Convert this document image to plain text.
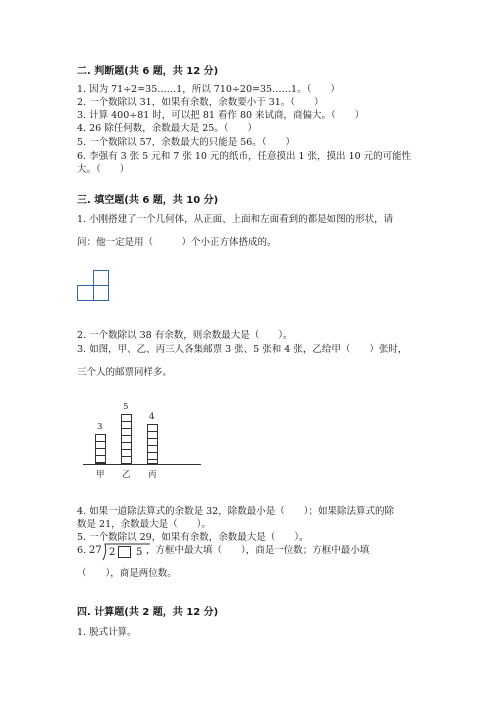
二. 判断题(共 6 题，共 12 分)
1. 因为 71÷2=35……1，所以 710÷20=35……1。（　　）
2. 一个数除以 31，如果有余数，余数要小于 31。（　　）
3. 计算 400÷81 时，可以把 81 看作 80 来试商，商偏大。（　　）
4. 26 除任何数，余数最大是 25。（　　）
5. 一个数除以 57，余数最大的只能是 56。（　　）
6. 李强有 3 张 5 元和 7 张 10 元的纸币，任意摸出 1 张，摸出 10 元的可能性
大。（　　）
三. 填空题(共 6 题，共 10 分)
1. 小刚搭建了一个几何体，从正面、上面和左面看到的都是如图的形状，请
问：他一定是用（　　　）个小正方体搭成的。
2. 一个数除以 38 有余数，则余数最大是（　　）。
3. 如图，甲、乙、丙三人各集邮票 3 张、5 张和 4 张，乙给甲（　　）张时，
三个人的邮票同样多。
3
甲
5
乙
4
丙
4. 如果一道除法算式的余数是 32，除数最小是（　　）；如果除法算式的除
数是 21，余数最大是（　　）。
5. 一个数除以 29，如果有余数，余数最大是（　　）。
6. 27 2 5 ，方框中最大填（　　），商是一位数；方框中最小填
（　　），商是两位数。
四. 计算题(共 2 题，共 12 分)
1. 脱式计算。
